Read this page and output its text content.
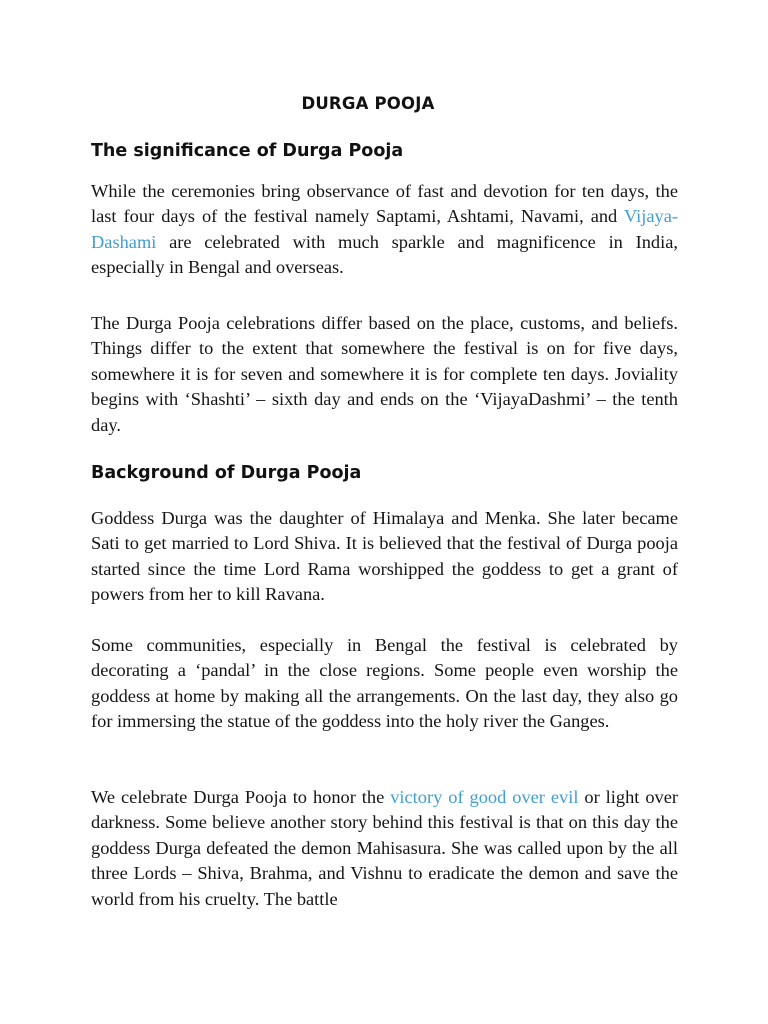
DURGA POOJA
The significance of Durga Pooja

While the ceremonies bring observance of fast and devotion for ten days, the last four days of the festival namely Saptami, Ashtami, Navami, and Vijaya-Dashami are celebrated with much sparkle and magnificence in India, especially in Bengal and overseas.

The Durga Pooja celebrations differ based on the place, customs, and beliefs. Things differ to the extent that somewhere the festival is on for five days, somewhere it is for seven and somewhere it is for complete ten days. Joviality begins with ‘Shashti’ – sixth day and ends on the ‘VijayaDashmi’ – the tenth day.

Background of Durga Pooja

Goddess Durga was the daughter of Himalaya and Menka. She later became Sati to get married to Lord Shiva. It is believed that the festival of Durga pooja started since the time Lord Rama worshipped the goddess to get a grant of powers from her to kill Ravana.

Some communities, especially in Bengal the festival is celebrated by decorating a ‘pandal’ in the close regions. Some people even worship the goddess at home by making all the arrangements. On the last day, they also go for immersing the statue of the goddess into the holy river the Ganges.

We celebrate Durga Pooja to honor the victory of good over evil or light over darkness. Some believe another story behind this festival is that on this day the goddess Durga defeated the demon Mahisasura. She was called upon by the all three Lords – Shiva, Brahma, and Vishnu to eradicate the demon and save the world from his cruelty. The battle
